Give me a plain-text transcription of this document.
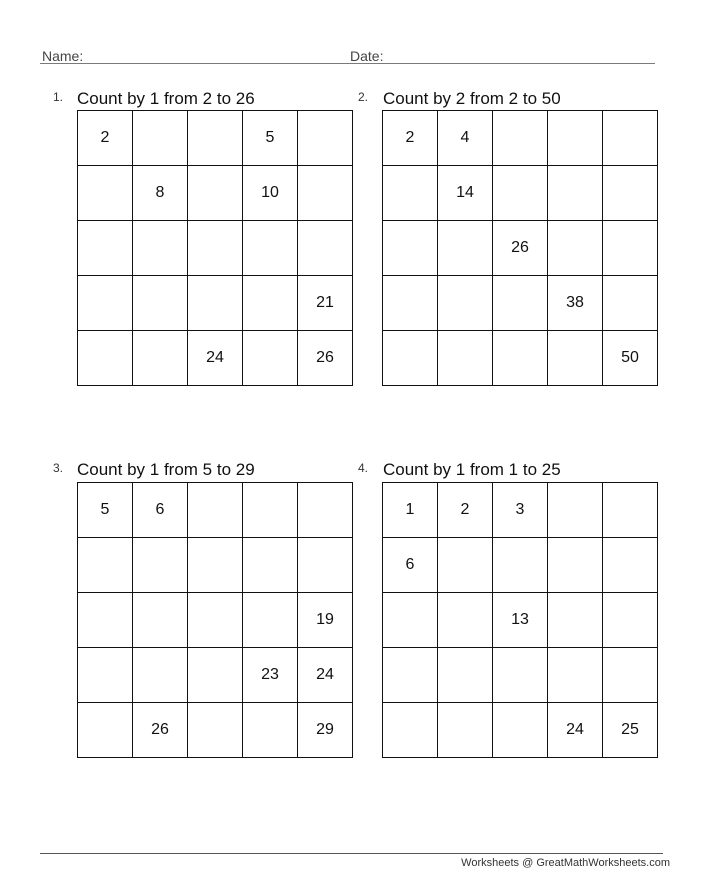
Name:	Date:
1. Count by 1 from 2 to 26
2			5	
	8		10	

				21
		24		26
2. Count by 2 from 2 to 50
2	4			
	14			
		26		
			38	
				50
3. Count by 1 from 5 to 29
5	6			

				19
			23	24
	26			29
4. Count by 1 from 1 to 25
1	2	3		
6				
		13		

			24	25
Worksheets @ GreatMathWorksheets.com
